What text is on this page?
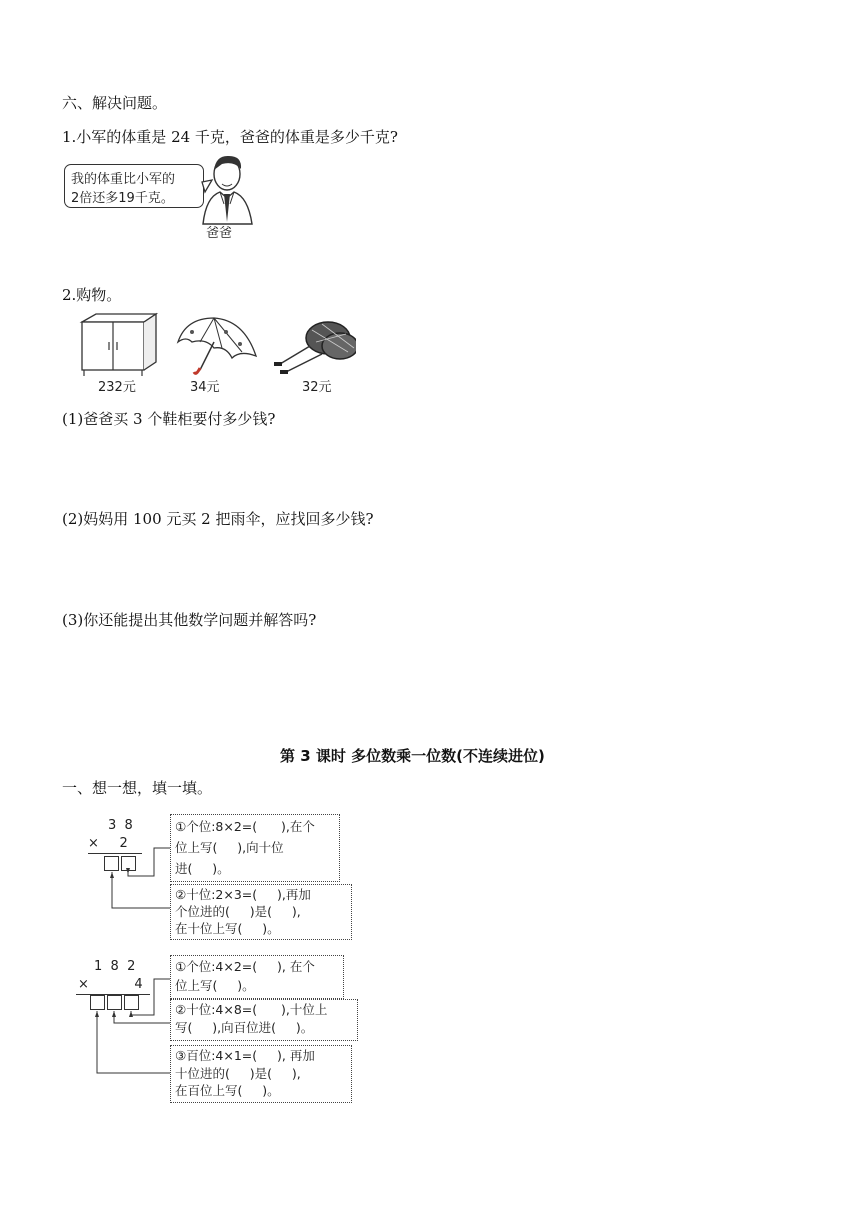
六、解决问题。
1.小军的体重是 24 千克，爸爸的体重是多少千克?
我的体重比小军的
2倍还多19千克。
爸爸
2.购物。
232元	34元	32元
(1)爸爸买 3 个鞋柜要付多少钱?
(2)妈妈用 100 元买 2 把雨伞，应找回多少钱?
(3)你还能提出其他数学问题并解答吗?
第 3 课时 多位数乘一位数(不连续进位)
一、想一想，填一填。
3  8
×     2
①个位:8×2=(      ),在个
位上写(     ),向十位
进(     )。
②十位:2×3=(     ),再加
个位进的(     )是(     ),
在十位上写(     )。
1  8  2
×           4
①个位:4×2=(     ), 在个
位上写(     )。
②十位:4×8=(      ),十位上
写(     ),向百位进(     )。
③百位:4×1=(     ), 再加
十位进的(     )是(     ),
在百位上写(     )。
